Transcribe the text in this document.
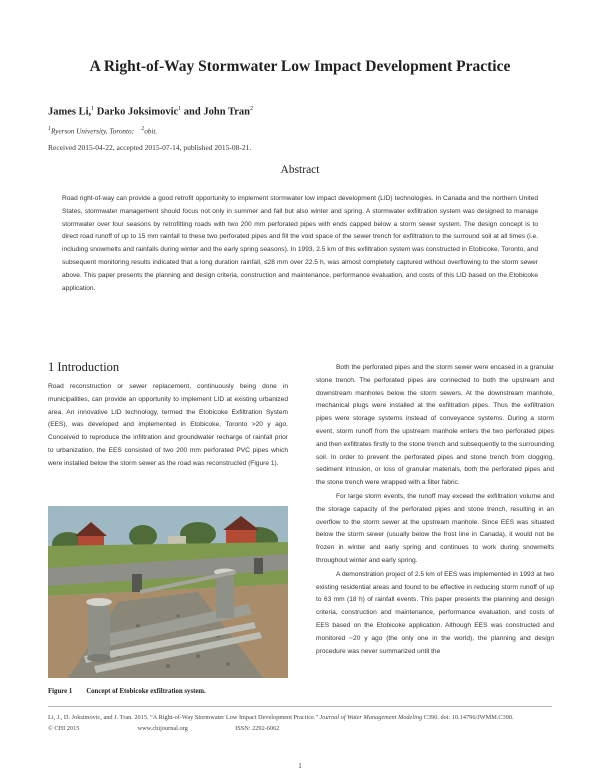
A Right-of-Way Stormwater Low Impact Development Practice
James Li,$^1$ Darko Joksimovic$^1$ and John Tran$^2$
$^1$Ryerson University, Toronto; $^2$obit.
Received 2015-04-22, accepted 2015-07-14, published 2015-08-21.
Abstract

Road right-of-way can provide a good retrofit opportunity to implement stormwater low impact development (LID) technologies. In Canada and the northern United States, stormwater management should focus not only in summer and fall but also winter and spring. A stormwater exfiltration system was designed to manage stormwater over four seasons by retrofitting roads with two 200 mm perforated pipes with ends capped below a storm sewer system. The design concept is to direct road runoff of up to 15 mm rainfall to these two perforated pipes and fill the void space of the sewer trench for exfiltration to the surround soil at all times (i.e. including snowmelts and rainfalls during winter and the early spring seasons). In 1993, 2.5 km of this exfiltration system was constructed in Etobicoke, Toronto, and subsequent monitoring results indicated that a long duration rainfall, ≤28 mm over 22.5 h, was almost completely captured without overflowing to the storm sewer above. This paper presents the planning and design criteria, construction and maintenance, performance evaluation, and costs of this LID based on the Etobicoke application.

1 Introduction

Road reconstruction or sewer replacement, continuously being done in municipalities, can provide an opportunity to implement LID at existing urbanized area. An innovative LID technology, termed the Etobicoke Exfiltration System (EES), was developed and implemented in Etobicoke, Toronto >20 y ago. Conceived to reproduce the infiltration and groundwater recharge of rainfall prior to urbanization, the EES consisted of two 200 mm perforated PVC pipes which were installed below the storm sewer as the road was reconstructed (Figure 1).

Figure 1 Concept of Etobicoke exfiltration system.

Both the perforated pipes and the storm sewer were encased in a granular stone trench. The perforated pipes are connected to both the upstream and downstream manholes below the storm sewers. At the downstream manhole, mechanical plugs were installed at the exfiltration pipes. Thus the exfiltration pipes were storage systems instead of conveyance systems. During a storm event, storm runoff from the upstream manhole enters the two perforated pipes and then exfiltrates firstly to the stone trench and subsequently to the surrounding soil. In order to prevent the perforated pipes and stone trench from clogging, sediment intrusion, or loss of granular materials, both the perforated pipes and the stone trench were wrapped with a filter fabric.

For large storm events, the runoff may exceed the exfiltration volume and the storage capacity of the perforated pipes and stone trench, resulting in an overflow to the storm sewer at the upstream manhole. Since EES was situated below the storm sewer (usually below the frost line in Canada), it would not be frozen in winter and early spring and continues to work during snowmelts throughout winter and early spring.

A demonstration project of 2.5 km of EES was implemented in 1993 at two existing residential areas and found to be effective in reducing storm runoff of up to 63 mm (18 h) of rainfall events. This paper presents the planning and design criteria, construction and maintenance, performance evaluation, and costs of EES based on the Etobicoke application. Although EES was constructed and monitored ~20 y ago (the only one in the world), the planning and design procedure was never summarized until the

Li, J., D. Joksimovic, and J. Tran. 2015. "A Right-of-Way Stormwater Low Impact Development Practice." Journal of Water Management Modeling C390. doi: 10.14796/JWMM.C390.
© CHI 2015	www.chijournal.org	ISSN: 2292-6062
1
